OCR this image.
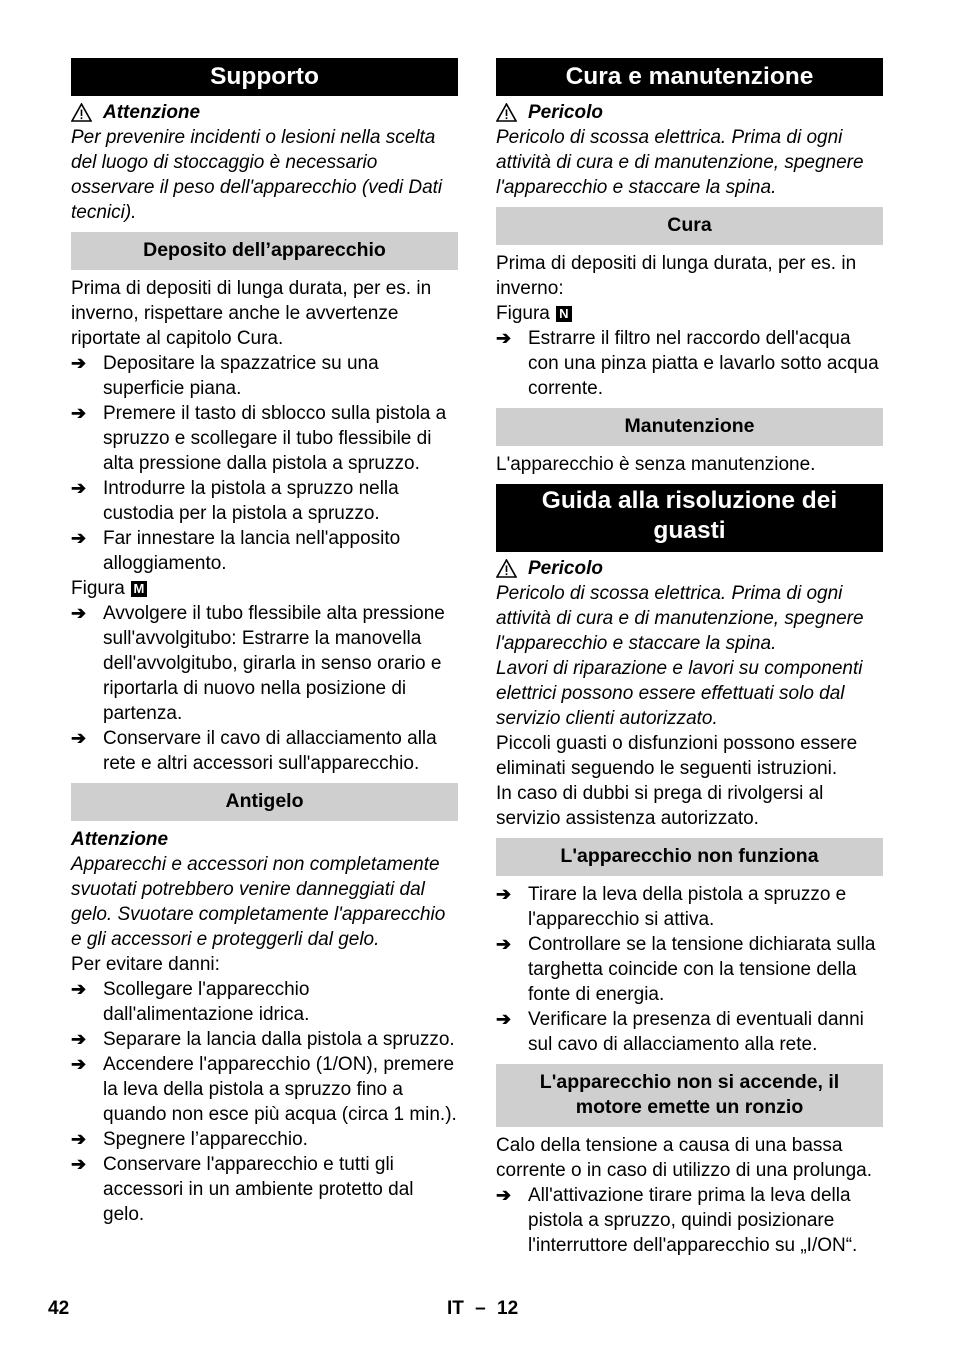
Supporto
Attenzione

Per prevenire incidenti o lesioni nella scelta del luogo di stoccaggio è necessario osservare il peso dell'apparecchio (vedi Dati tecnici).

Deposito dell’apparecchio

Prima di depositi di lunga durata, per es. in inverno, rispettare anche le avvertenze riportate al capitolo Cura.

➔ Depositare la spazzatrice su una superficie piana.
➔ Premere il tasto di sblocco sulla pistola a spruzzo e scollegare il tubo flessibile di alta pressione dalla pistola a spruzzo.
➔ Introdurre la pistola a spruzzo nella custodia per la pistola a spruzzo.
➔ Far innestare la lancia nell'apposito alloggiamento.
Figura M
➔ Avvolgere il tubo flessibile alta pressione sull'avvolgitubo: Estrarre la manovella dell'avvolgitubo, girarla in senso orario e riportarla di nuovo nella posizione di partenza.
➔ Conservare il cavo di allacciamento alla rete e altri accessori sull'apparecchio.
Antigelo
Attenzione

Apparecchi e accessori non completamente svuotati potrebbero venire danneggiati dal gelo. Svuotare completamente l'apparecchio e gli accessori e proteggerli dal gelo.

Per evitare danni:

➔ Scollegare l'apparecchio dall'alimentazione idrica.
➔ Separare la lancia dalla pistola a spruzzo.
➔ Accendere l'apparecchio (1/ON), premere la leva della pistola a spruzzo fino a quando non esce più acqua (circa 1 min.).
➔ Spegnere l’apparecchio.
➔ Conservare l'apparecchio e tutti gli accessori in un ambiente protetto dal gelo.
Cura e manutenzione
Pericolo

Pericolo di scossa elettrica. Prima di ogni attività di cura e di manutenzione, spegnere l'apparecchio e staccare la spina.

Cura

Prima di depositi di lunga durata, per es. in inverno:

Figura N
➔ Estrarre il filtro nel raccordo dell'acqua con una pinza piatta e lavarlo sotto acqua corrente.
Manutenzione

L'apparecchio è senza manutenzione.

Guida alla risoluzione dei
guasti
Pericolo

Pericolo di scossa elettrica. Prima di ogni attività di cura e di manutenzione, spegnere l'apparecchio e staccare la spina.

Lavori di riparazione e lavori su componenti elettrici possono essere effettuati solo dal servizio clienti autorizzato.

Piccoli guasti o disfunzioni possono essere eliminati seguendo le seguenti istruzioni.

In caso di dubbi si prega di rivolgersi al servizio assistenza autorizzato.

L'apparecchio non funziona
➔ Tirare la leva della pistola a spruzzo e l'apparecchio si attiva.
➔ Controllare se la tensione dichiarata sulla targhetta coincide con la tensione della fonte di energia.
➔ Verificare la presenza di eventuali danni sul cavo di allacciamento alla rete.
L'apparecchio non si accende, il
motore emette un ronzio

Calo della tensione a causa di una bassa corrente o in caso di utilizzo di una prolunga.

➔ All'attivazione tirare prima la leva della pistola a spruzzo, quindi posizionare l'interruttore dell'apparecchio su „I/ON“.
42	IT – 12
